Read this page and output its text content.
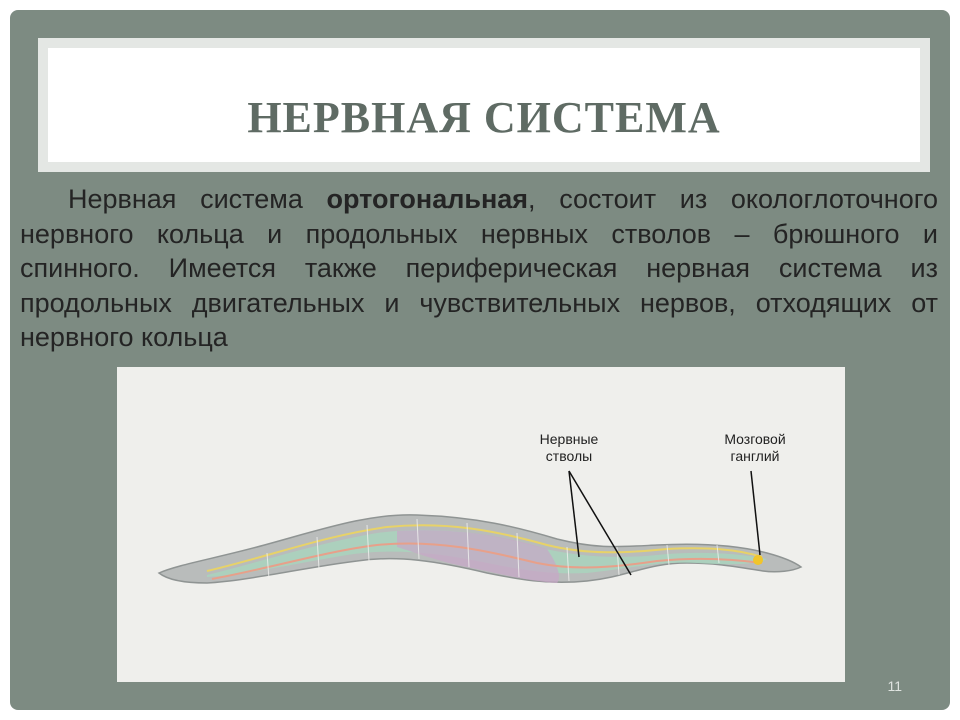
НЕРВНАЯ СИСТЕМА
Нервная система ортогональная, состоит из окологлоточного нервного кольца и продольных нервных стволов – брюшного и спинного. Имеется также периферическая нервная система из продольных двигательных и чувствительных нервов, отходящих от нервного кольца
Нервные
стволы
Мозговой
ганглий
11
